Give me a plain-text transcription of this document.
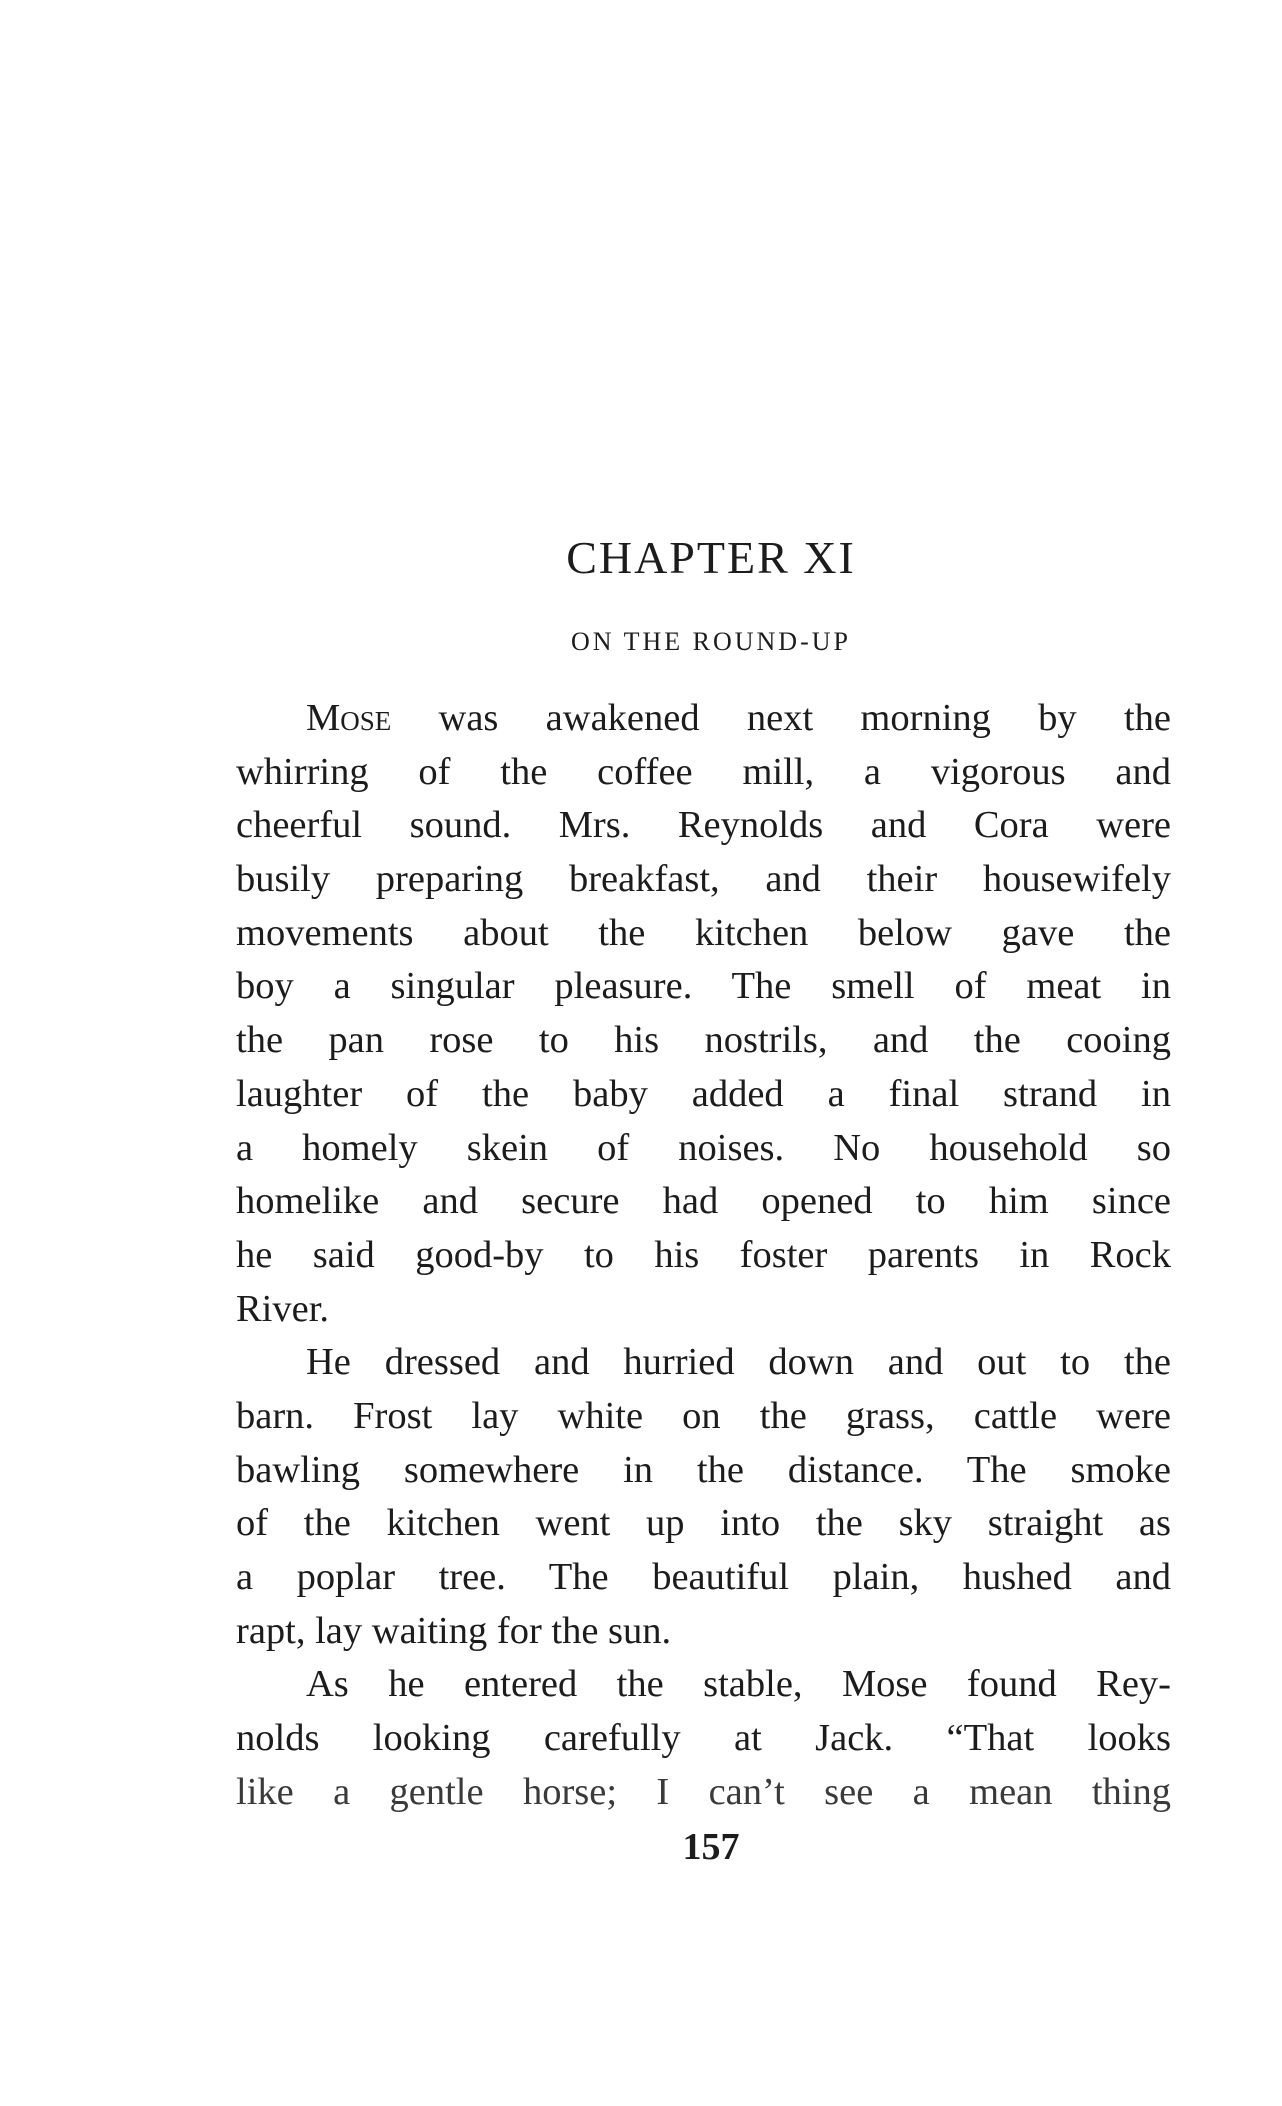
CHAPTER XI
ON THE ROUND-UP
Mose was awakened next morning by the
whirring of the coffee mill, a vigorous and
cheerful sound. Mrs. Reynolds and Cora were
busily preparing breakfast, and their housewifely
movements about the kitchen below gave the
boy a singular pleasure. The smell of meat in
the pan rose to his nostrils, and the cooing
laughter of the baby added a final strand in
a homely skein of noises. No household so
homelike and secure had opened to him since
he said good-by to his foster parents in Rock
River.
He dressed and hurried down and out to the
barn. Frost lay white on the grass, cattle were
bawling somewhere in the distance. The smoke
of the kitchen went up into the sky straight as
a poplar tree. The beautiful plain, hushed and
rapt, lay waiting for the sun.
As he entered the stable, Mose found Rey-
nolds looking carefully at Jack. “That looks
like a gentle horse; I can’t see a mean thing
157
